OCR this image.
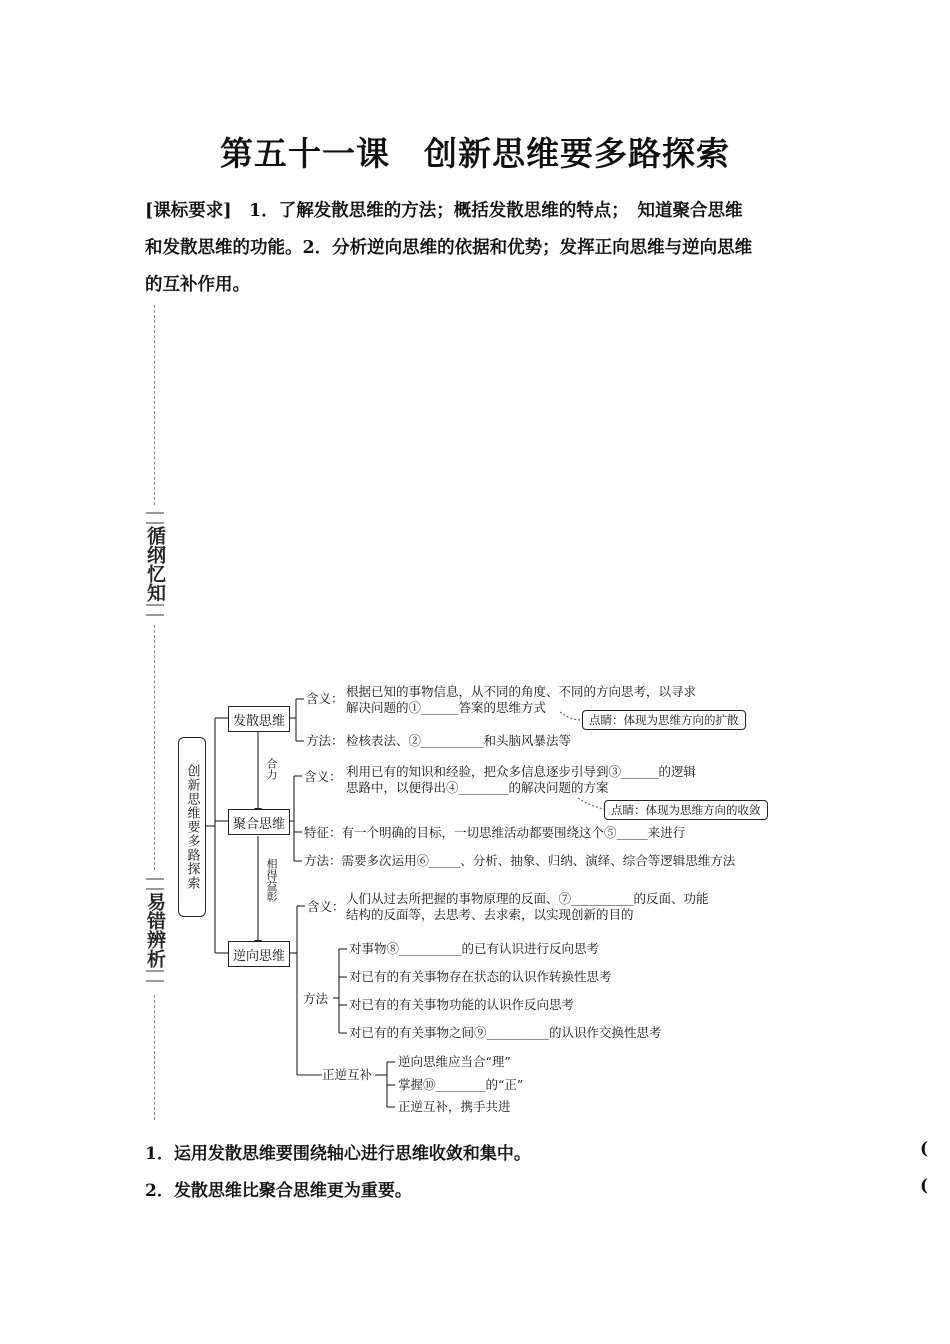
第五十一课　创新思维要多路探索
[课标要求]　1．了解发散思维的方法；概括发散思维的特点；　知道聚合思维
和发散思维的功能。2．分析逆向思维的依据和优势；发挥正向思维与逆向思维
的互补作用。
循纲忆知
易错辨析
创新思维要多路探索
发散思维
聚合思维
逆向思维
合力
相得益彰
含义： 根据已知的事物信息，从不同的角度、不同的方向思考，以寻求
解决问题的①______答案的思维方式
点睛：体现为思维方向的扩散
方法： 检核表法、②__________和头脑风暴法等
含义： 利用已有的知识和经验，把众多信息逐步引导到③______的逻辑
思路中，以便得出④________的解决问题的方案
点睛：体现为思维方向的收敛
特征：有一个明确的目标，一切思维活动都要围绕这个⑤_____来进行
方法：需要多次运用⑥_____、分析、抽象、归纳、演绎、综合等逻辑思维方法
含义：
人们从过去所把握的事物原理的反面、⑦__________的反面、功能
结构的反面等，去思考、去求索，以实现创新的目的
方法
对事物⑧__________的已有认识进行反向思考
对已有的有关事物存在状态的认识作转换性思考
对已有的有关事物功能的认识作反向思考
对已有的有关事物之间⑨__________的认识作交换性思考
正逆互补
逆向思维应当合“理”
掌握⑩________的“正”
正逆互补，携手共进
1．运用发散思维要围绕轴心进行思维收敛和集中。	(
2．发散思维比聚合思维更为重要。	(
